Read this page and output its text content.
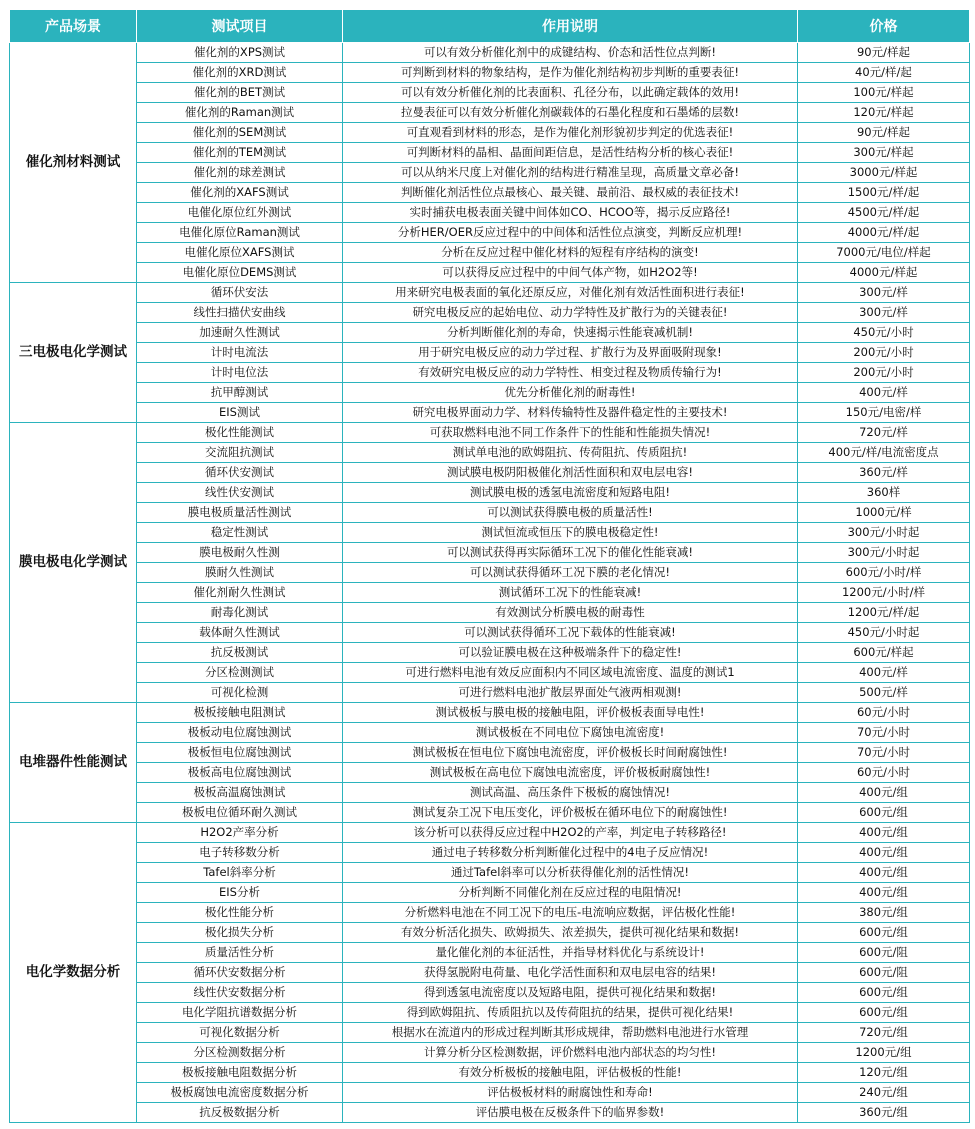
产品场景	测试项目	作用说明	价格
催化剂材料测试	催化剂的XPS测试	可以有效分析催化剂中的成键结构、价态和活性位点判断!	90元/样起
	催化剂的XRD测试	可判断到材料的物象结构，是作为催化剂结构初步判断的重要表征!	40元/样/起
	催化剂的BET测试	可以有效分析催化剂的比表面积、孔径分布，以此确定载体的效用!	100元/样起
	催化剂的Raman测试	拉曼表征可以有效分析催化剂碳载体的石墨化程度和石墨烯的层数!	120元/样起
	催化剂的SEM测试	可直观看到材料的形态，是作为催化剂形貌初步判定的优选表征!	90元/样起
	催化剂的TEM测试	可判断材料的晶相、晶面间距信息，是活性结构分析的核心表征!	300元/样起
	催化剂的球差测试	可以从纳米尺度上对催化剂的结构进行精准呈现，高质量文章必备!	3000元/样起
	催化剂的XAFS测试	判断催化剂活性位点最核心、最关键、最前沿、最权威的表征技术!	1500元/样/起
	电催化原位红外测试	实时捕获电极表面关键中间体如CO、HCOO等，揭示反应路径!	4500元/样/起
	电催化原位Raman测试	分析HER/OER反应过程中的中间体和活性位点演变，判断反应机理!	4000元/样/起
	电催化原位XAFS测试	分析在反应过程中催化材料的短程有序结构的演变!	7000元/电位/样起
	电催化原位DEMS测试	可以获得反应过程中的中间气体产物，如H2O2等!	4000元/样起
三电极电化学测试	循环伏安法	用来研究电极表面的氧化还原反应，对催化剂有效活性面积进行表征!	300元/样
	线性扫描伏安曲线	研究电极反应的起始电位、动力学特性及扩散行为的关键表征!	300元/样
	加速耐久性测试	分析判断催化剂的寿命，快速揭示性能衰减机制!	450元/小时
	计时电流法	用于研究电极反应的动力学过程、扩散行为及界面吸附现象!	200元/小时
	计时电位法	有效研究电极反应的动力学特性、相变过程及物质传输行为!	200元/小时
	抗甲醇测试	优先分析催化剂的耐毒性!	400元/样
	EIS测试	研究电极界面动力学、材料传输特性及器件稳定性的主要技术!	150元/电密/样
膜电极电化学测试	极化性能测试	可获取燃料电池不同工作条件下的性能和性能损失情况!	720元/样
	交流阻抗测试	测试单电池的欧姆阻抗、传荷阻抗、传质阻抗!	400元/样/电流密度点
	循环伏安测试	测试膜电极阴阳极催化剂活性面积和双电层电容!	360元/样
	线性伏安测试	测试膜电极的透氢电流密度和短路电阻!	360样
	膜电极质量活性测试	可以测试获得膜电极的质量活性!	1000元/样
	稳定性测试	测试恒流或恒压下的膜电极稳定性!	300元/小时起
	膜电极耐久性测	可以测试获得再实际循环工况下的催化性能衰减!	300元/小时起
	膜耐久性测试	可以测试获得循环工况下膜的老化情况!	600元/小时/样
	催化剂耐久性测试	测试循环工况下的性能衰减!	1200元/小时/样
	耐毒化测试	有效测试分析膜电极的耐毒性	1200元/样/起
	载体耐久性测试	可以测试获得循环工况下载体的性能衰减!	450元/小时起
	抗反极测试	可以验证膜电极在这种极端条件下的稳定性!	600元/样起
	分区检测测试	可进行燃料电池有效反应面积内不同区域电流密度、温度的测试1	400元/样
	可视化检测	可进行燃料电池扩散层界面处气液两相观测!	500元/样
电堆器件性能测试	极板接触电阻测试	测试极板与膜电极的接触电阻，评价极板表面导电性!	60元/小时
	极板动电位腐蚀测试	测试极板在不同电位下腐蚀电流密度!	70元/小时
	极板恒电位腐蚀测试	测试极板在恒电位下腐蚀电流密度，评价极板长时间耐腐蚀性!	70元/小时
	极板高电位腐蚀测试	测试极板在高电位下腐蚀电流密度，评价极板耐腐蚀性!	60元/小时
	极板高温腐蚀测试	测试高温、高压条件下极板的腐蚀情况!	400元/组
	极板电位循环耐久测试	测试复杂工况下电压变化，评价极板在循环电位下的耐腐蚀性!	600元/组
电化学数据分析	H2O2产率分析	该分析可以获得反应过程中H2O2的产率，判定电子转移路径!	400元/组
	电子转移数分析	通过电子转移数分析判断催化过程中的4电子反应情况!	400元/组
	Tafel斜率分析	通过Tafel斜率可以分析获得催化剂的活性情况!	400元/组
	EIS分析	分析判断不同催化剂在反应过程的电阻情况!	400元/组
	极化性能分析	分析燃料电池在不同工况下的电压-电流响应数据，评估极化性能!	380元/组
	极化损失分析	有效分析活化损失、欧姆损失、浓差损失，提供可视化结果和数据!	600元/组
	质量活性分析	量化催化剂的本征活性，并指导材料优化与系统设计!	600元/阻
	循环伏安数据分析	获得氢脱附电荷量、电化学活性面积和双电层电容的结果!	600元/阻
	线性伏安数据分析	得到透氢电流密度以及短路电阻，提供可视化结果和数据!	600元/组
	电化学阻抗谱数据分析	得到欧姆阻抗、传质阻抗以及传荷阻抗的结果，提供可视化结果!	600元/组
	可视化数据分析	根据水在流道内的形成过程判断其形成规律，帮助燃料电池进行水管理	720元/组
	分区检测数据分析	计算分析分区检测数据，评价燃料电池内部状态的均匀性!	1200元/组
	极板接触电阻数据分析	有效分析极板的接触电阻，评估极板的性能!	120元/组
	极板腐蚀电流密度数据分析	评估极板材料的耐腐蚀性和寿命!	240元/组
	抗反极数据分析	评估膜电极在反极条件下的临界参数!	360元/组
